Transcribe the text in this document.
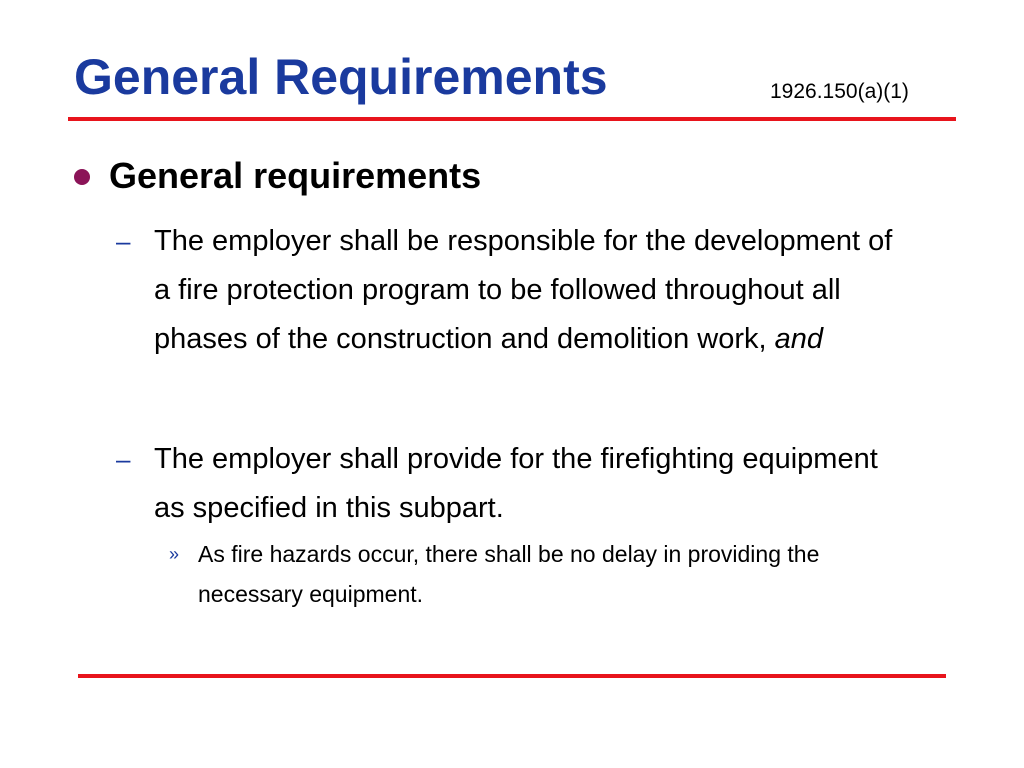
General Requirements	1926.150(a)(1)
General requirements
– The employer shall be responsible for the development of a fire protection program to be followed throughout all phases of the construction and demolition work, and
– The employer shall provide for the firefighting equipment as specified in this subpart.
» As fire hazards occur, there shall be no delay in providing the necessary equipment.
